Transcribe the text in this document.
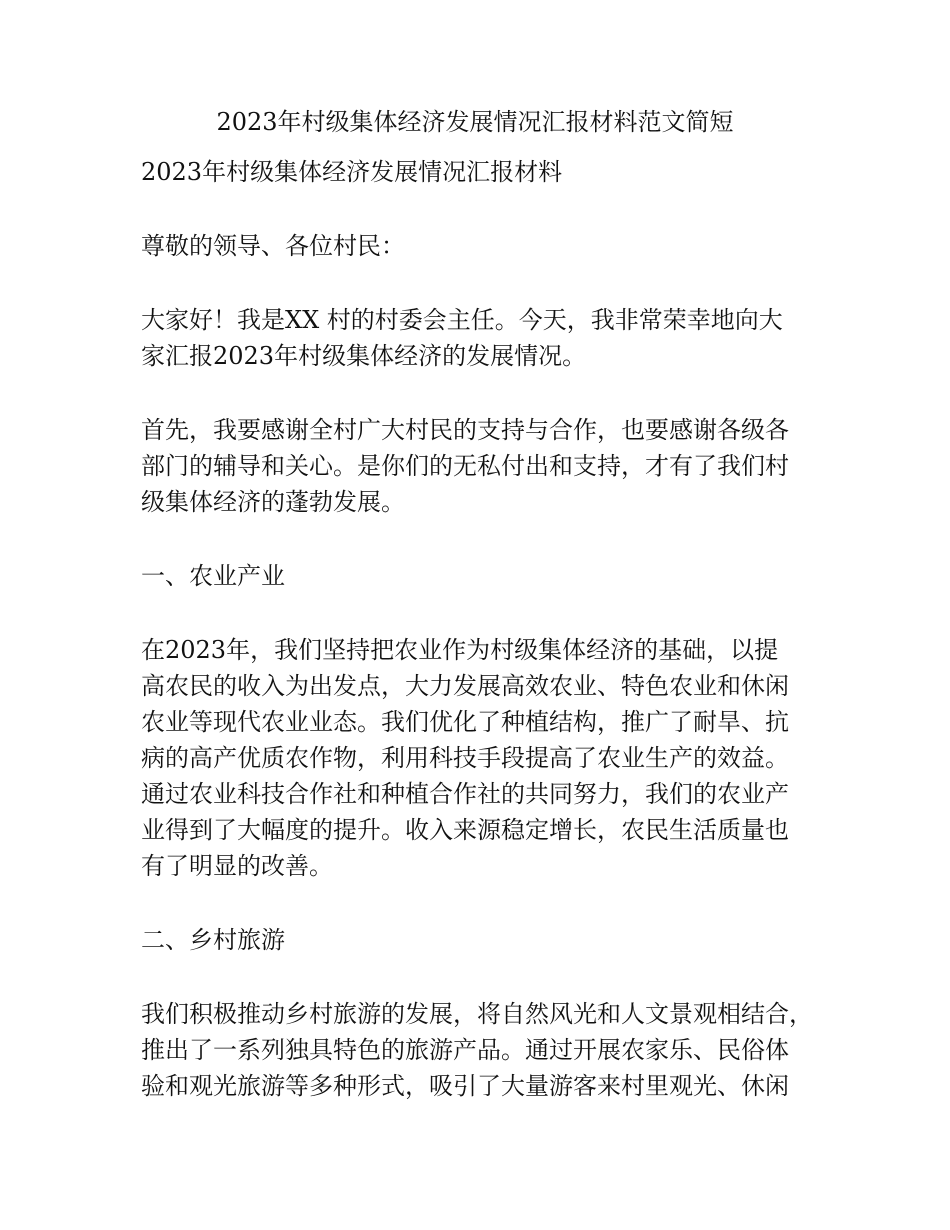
2023年村级集体经济发展情况汇报材料范文简短

2023年村级集体经济发展情况汇报材料

尊敬的领导、各位村民：

大家好！我是XX 村的村委会主任。今天，我非常荣幸地向大

家汇报2023年村级集体经济的发展情况。

首先，我要感谢全村广大村民的支持与合作，也要感谢各级各

部门的辅导和关心。是你们的无私付出和支持，才有了我们村

级集体经济的蓬勃发展。

一、农业产业

在2023年，我们坚持把农业作为村级集体经济的基础，以提

高农民的收入为出发点，大力发展高效农业、特色农业和休闲

农业等现代农业业态。我们优化了种植结构，推广了耐旱、抗

病的高产优质农作物，利用科技手段提高了农业生产的效益。

通过农业科技合作社和种植合作社的共同努力，我们的农业产

业得到了大幅度的提升。收入来源稳定增长，农民生活质量也

有了明显的改善。

二、乡村旅游

我们积极推动乡村旅游的发展，将自然风光和人文景观相结合，

推出了一系列独具特色的旅游产品。通过开展农家乐、民俗体

验和观光旅游等多种形式，吸引了大量游客来村里观光、休闲
